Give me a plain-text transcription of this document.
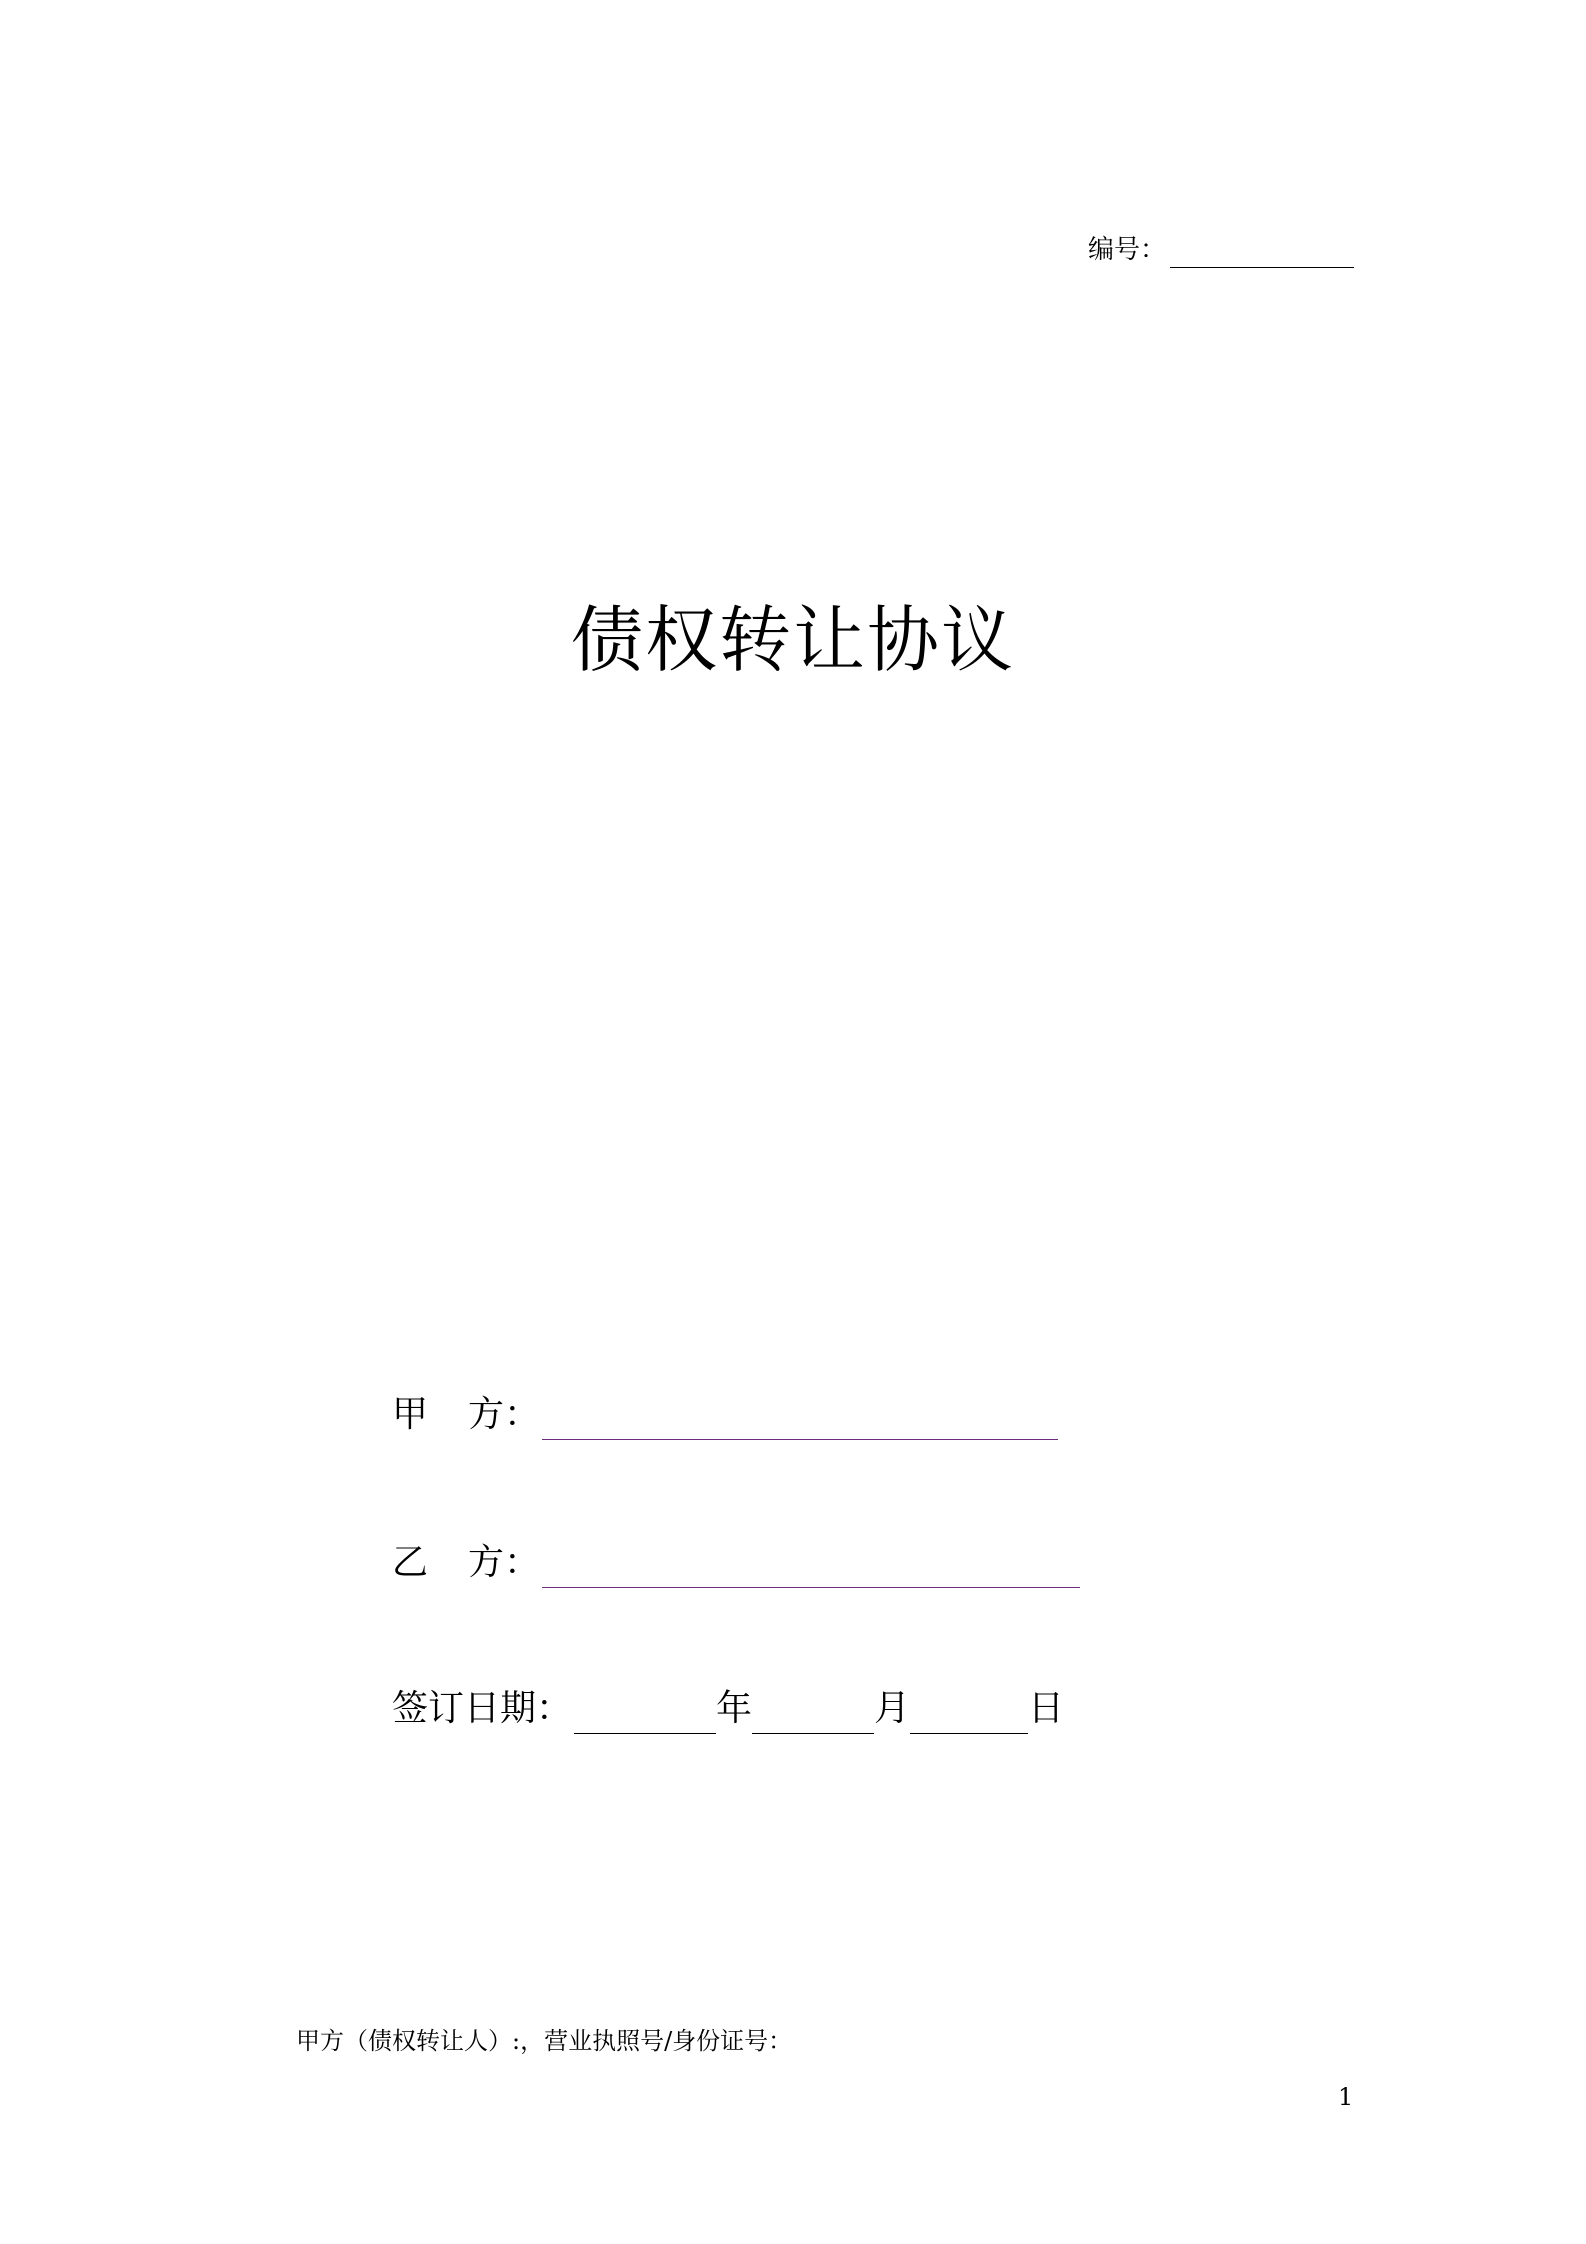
编号：
债权转让协议
甲 方：
乙 方：
签订日期：	年	月	日
甲方（债权转让人）:，营业执照号/身份证号：
1
